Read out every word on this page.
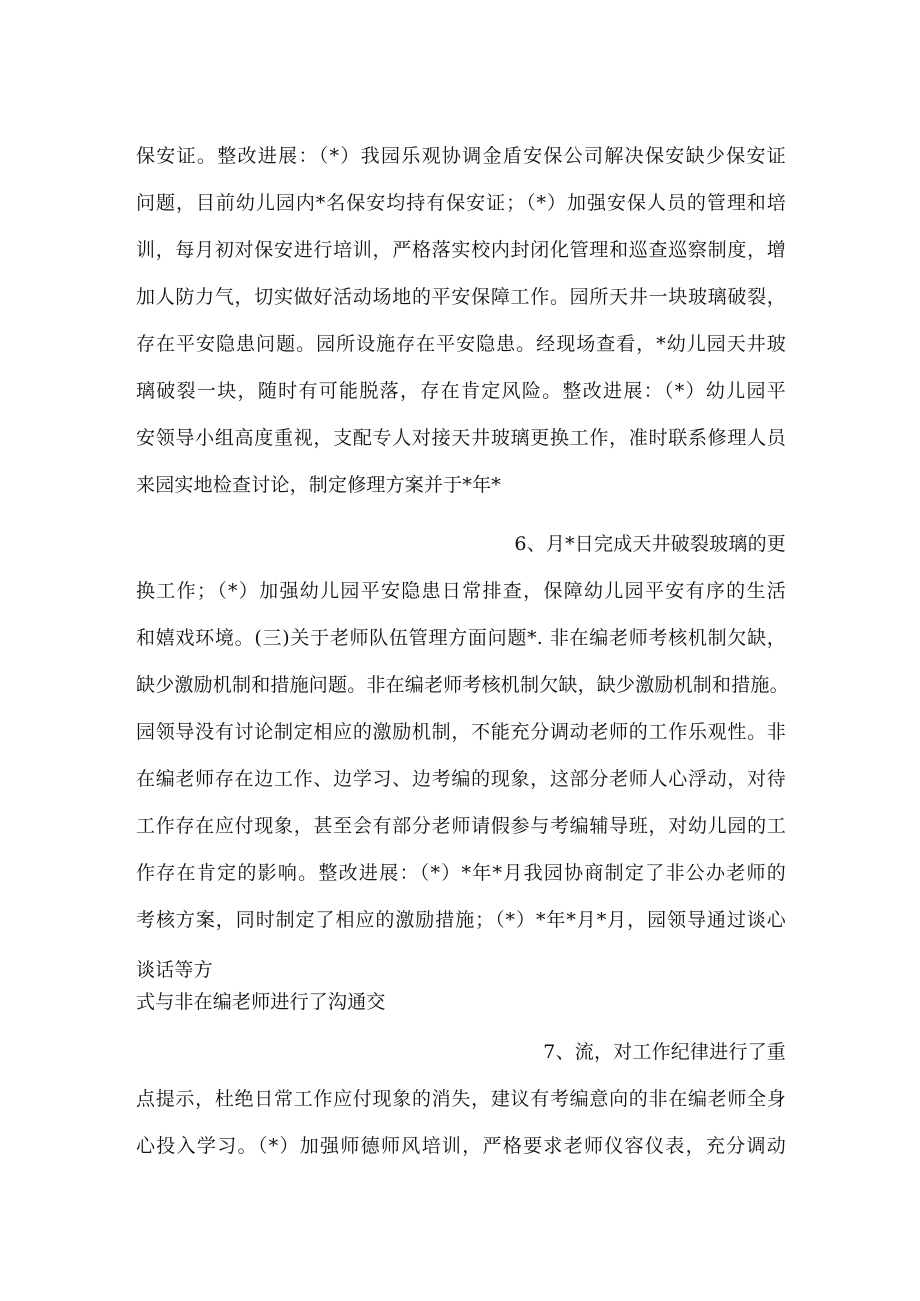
保安证。整改进展：（*）我园乐观协调金盾安保公司解决保安缺少保安证
问题，目前幼儿园内*名保安均持有保安证；（*）加强安保人员的管理和培
训，每月初对保安进行培训，严格落实校内封闭化管理和巡查巡察制度，增
加人防力气，切实做好活动场地的平安保障工作。园所天井一块玻璃破裂，
存在平安隐患问题。园所设施存在平安隐患。经现场查看，*幼儿园天井玻
璃破裂一块，随时有可能脱落，存在肯定风险。整改进展：（*）幼儿园平
安领导小组高度重视，支配专人对接天井玻璃更换工作，准时联系修理人员
来园实地检查讨论，制定修理方案并于*年*
6、月*日完成天井破裂玻璃的更
换工作；（*）加强幼儿园平安隐患日常排查，保障幼儿园平安有序的生活
和嬉戏环境。(三)关于老师队伍管理方面问题*. 非在编老师考核机制欠缺，
缺少激励机制和措施问题。非在编老师考核机制欠缺，缺少激励机制和措施。
园领导没有讨论制定相应的激励机制，不能充分调动老师的工作乐观性。非
在编老师存在边工作、边学习、边考编的现象，这部分老师人心浮动，对待
工作存在应付现象，甚至会有部分老师请假参与考编辅导班，对幼儿园的工
作存在肯定的影响。整改进展：（*）*年*月我园协商制定了非公办老师的
考核方案，同时制定了相应的激励措施；（*）*年*月*月，园领导通过谈心
谈话等方
式与非在编老师进行了沟通交
7、流，对工作纪律进行了重
点提示，杜绝日常工作应付现象的消失，建议有考编意向的非在编老师全身
心投入学习。（*）加强师德师风培训，严格要求老师仪容仪表，充分调动
